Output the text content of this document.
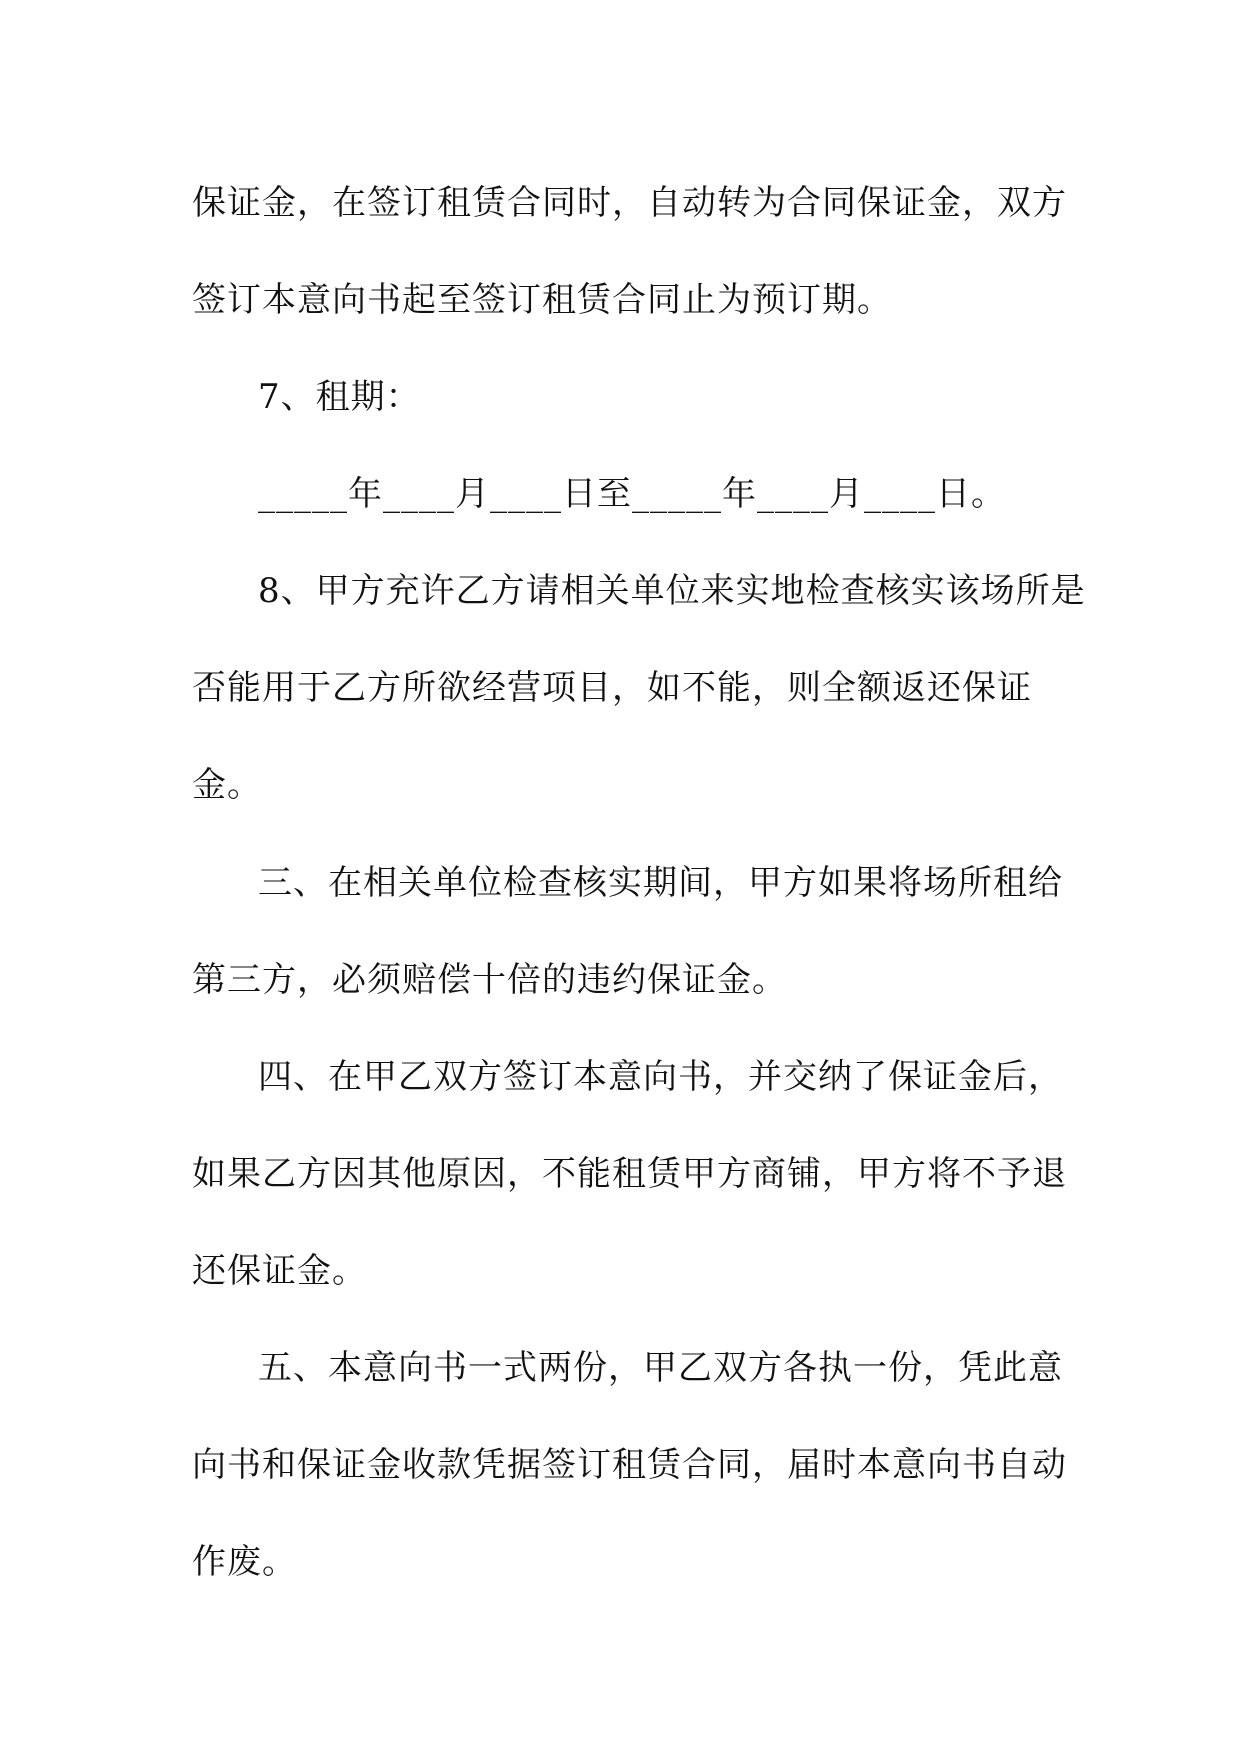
保证金，在签订租赁合同时，自动转为合同保证金，双方
签订本意向书起至签订租赁合同止为预订期。
7、租期：
_____年____月____日至_____年____月____日。
8、甲方充许乙方请相关单位来实地检查核实该场所是
否能用于乙方所欲经营项目，如不能，则全额返还保证
金。
三、在相关单位检查核实期间，甲方如果将场所租给
第三方，必须赔偿十倍的违约保证金。
四、在甲乙双方签订本意向书，并交纳了保证金后，
如果乙方因其他原因，不能租赁甲方商铺，甲方将不予退
还保证金。
五、本意向书一式两份，甲乙双方各执一份，凭此意
向书和保证金收款凭据签订租赁合同，届时本意向书自动
作废。
